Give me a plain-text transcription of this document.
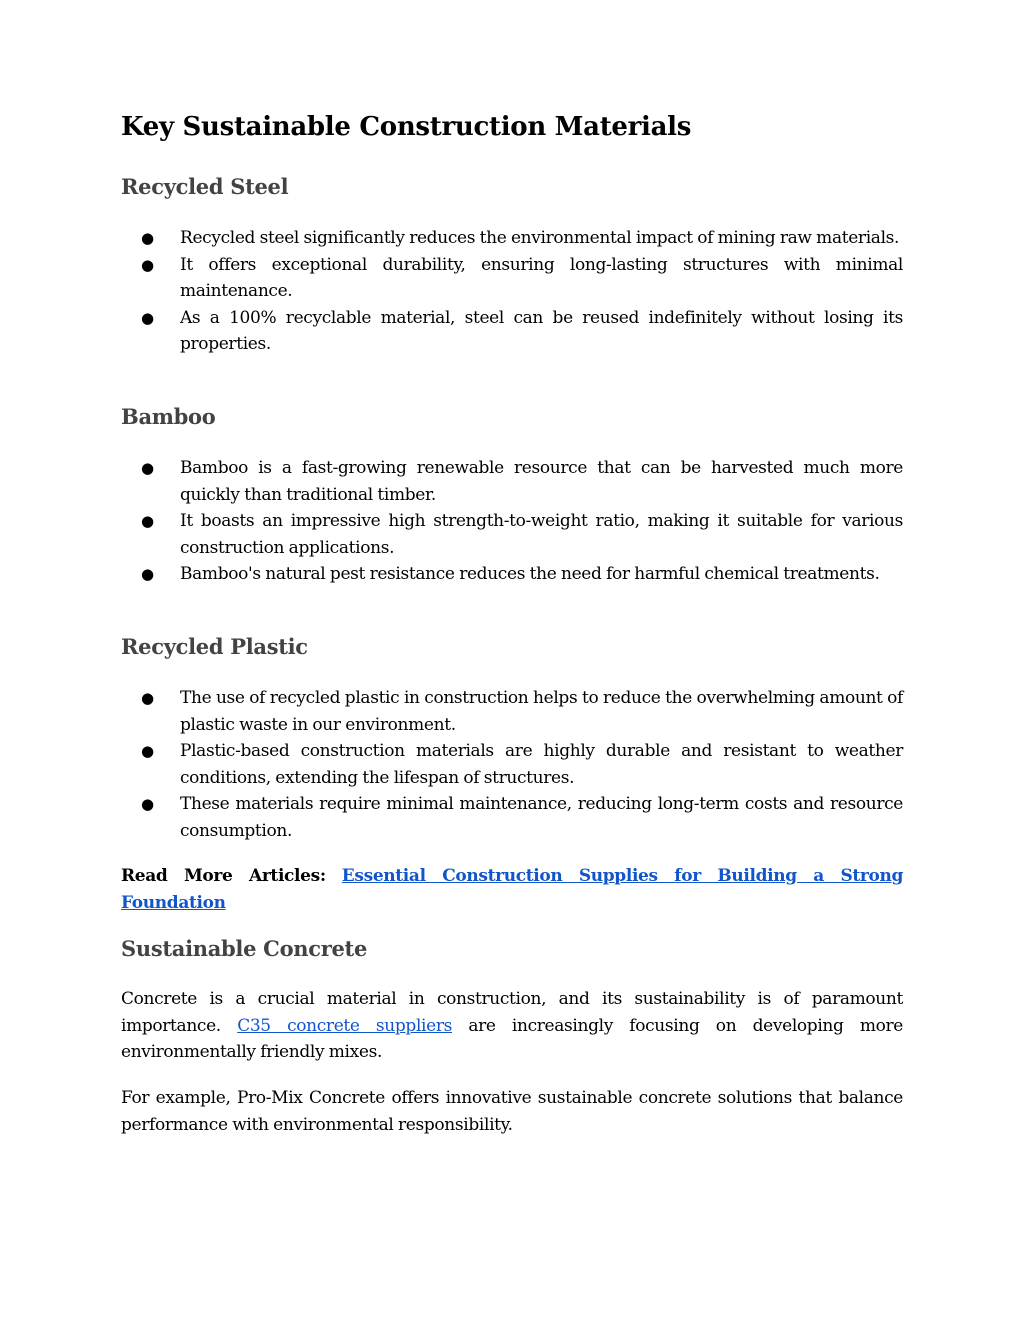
Key Sustainable Construction Materials
Recycled Steel
● Recycled steel significantly reduces the environmental impact of mining raw materials.
● It offers exceptional durability, ensuring long-lasting structures with minimal maintenance.
● As a 100% recyclable material, steel can be reused indefinitely without losing its properties.
Bamboo
● Bamboo is a fast-growing renewable resource that can be harvested much more quickly than traditional timber.
● It boasts an impressive high strength-to-weight ratio, making it suitable for various construction applications.
● Bamboo's natural pest resistance reduces the need for harmful chemical treatments.
Recycled Plastic
● The use of recycled plastic in construction helps to reduce the overwhelming amount of plastic waste in our environment.
● Plastic-based construction materials are highly durable and resistant to weather conditions, extending the lifespan of structures.
● These materials require minimal maintenance, reducing long-term costs and resource consumption.

Read More Articles: Essential Construction Supplies for Building a Strong Foundation

Sustainable Concrete

Concrete is a crucial material in construction, and its sustainability is of paramount importance. C35 concrete suppliers are increasingly focusing on developing more environmentally friendly mixes.

For example, Pro-Mix Concrete offers innovative sustainable concrete solutions that balance performance with environmental responsibility.
